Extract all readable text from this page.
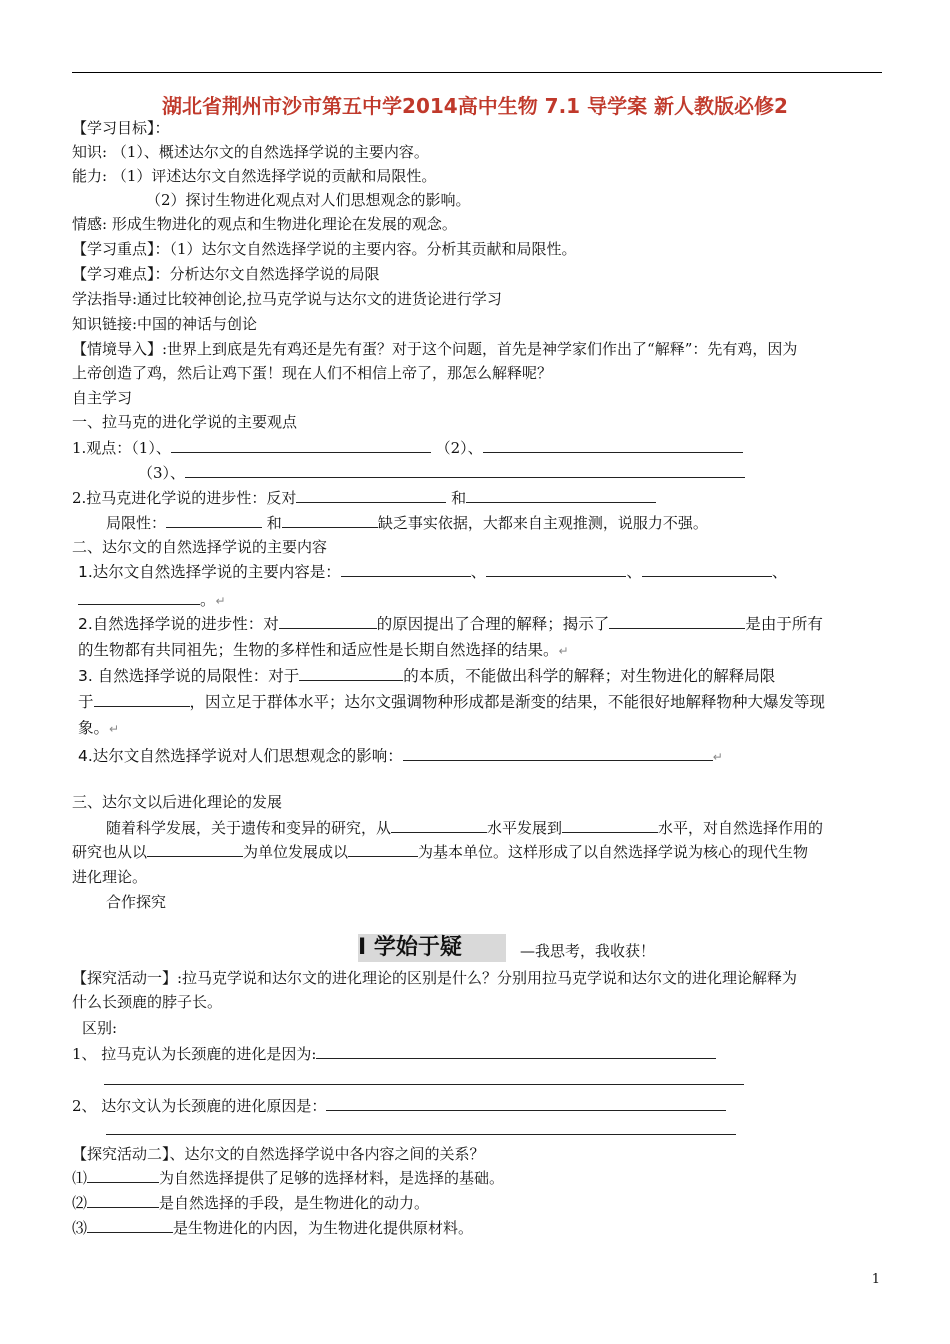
湖北省荆州市沙市第五中学2014高中生物 7.1 导学案 新人教版必修2
【学习目标】：
知识: （1）、概述达尔文的自然选择学说的主要内容。
能力: （1）评述达尔文自然选择学说的贡献和局限性。
（2）探讨生物进化观点对人们思想观念的影响。
情感: 形成生物进化的观点和生物进化理论在发展的观念。
【学习重点】：（1）达尔文自然选择学说的主要内容。分析其贡献和局限性。
【学习难点】：分析达尔文自然选择学说的局限
学法指导:通过比较神创论,拉马克学说与达尔文的进货论进行学习
知识链接:中国的神话与创论
【情境导入】:世界上到底是先有鸡还是先有蛋？对于这个问题，首先是神学家们作出了“解释”：先有鸡，因为
上帝创造了鸡，然后让鸡下蛋！现在人们不相信上帝了，那怎么解释呢？
自主学习
一、拉马克的进化学说的主要观点
1.观点：（1）、	（2）、
（3）、
2.拉马克进化学说的进步性：反对	和
局限性：	和	缺乏事实依据，大都来自主观推测，说服力不强。
二、达尔文的自然选择学说的主要内容
1.达尔文自然选择学说的主要内容是：	、	、	、
。↵
2.自然选择学说的进步性：对	的原因提出了合理的解释；揭示了	是由于所有
的生物都有共同祖先；生物的多样性和适应性是长期自然选择的结果。↵
3. 自然选择学说的局限性：对于	的本质，不能做出科学的解释；对生物进化的解释局限
于	，因立足于群体水平；达尔文强调物种形成都是渐变的结果，不能很好地解释物种大爆发等现
象。↵
4.达尔文自然选择学说对人们思想观念的影响：	↵
三、达尔文以后进化理论的发展
随着科学发展，关于遗传和变异的研究，从	水平发展到	水平，对自然选择作用的
研究也从以	为单位发展成以	为基本单位。这样形成了以自然选择学说为核心的现代生物
进化理论。
合作探究
Ⅰ 学始于疑	—我思考，我收获！
【探究活动一】:拉马克学说和达尔文的进化理论的区别是什么？分别用拉马克学说和达尔文的进化理论解释为
什么长颈鹿的脖子长。
区别:
1、 拉马克认为长颈鹿的进化是因为:
2、 达尔文认为长颈鹿的进化原因是：
【探究活动二】、达尔文的自然选择学说中各内容之间的关系？
⑴	为自然选择提供了足够的选择材料，是选择的基础。
⑵	是自然选择的手段，是生物进化的动力。
⑶	是生物进化的内因，为生物进化提供原材料。
1
